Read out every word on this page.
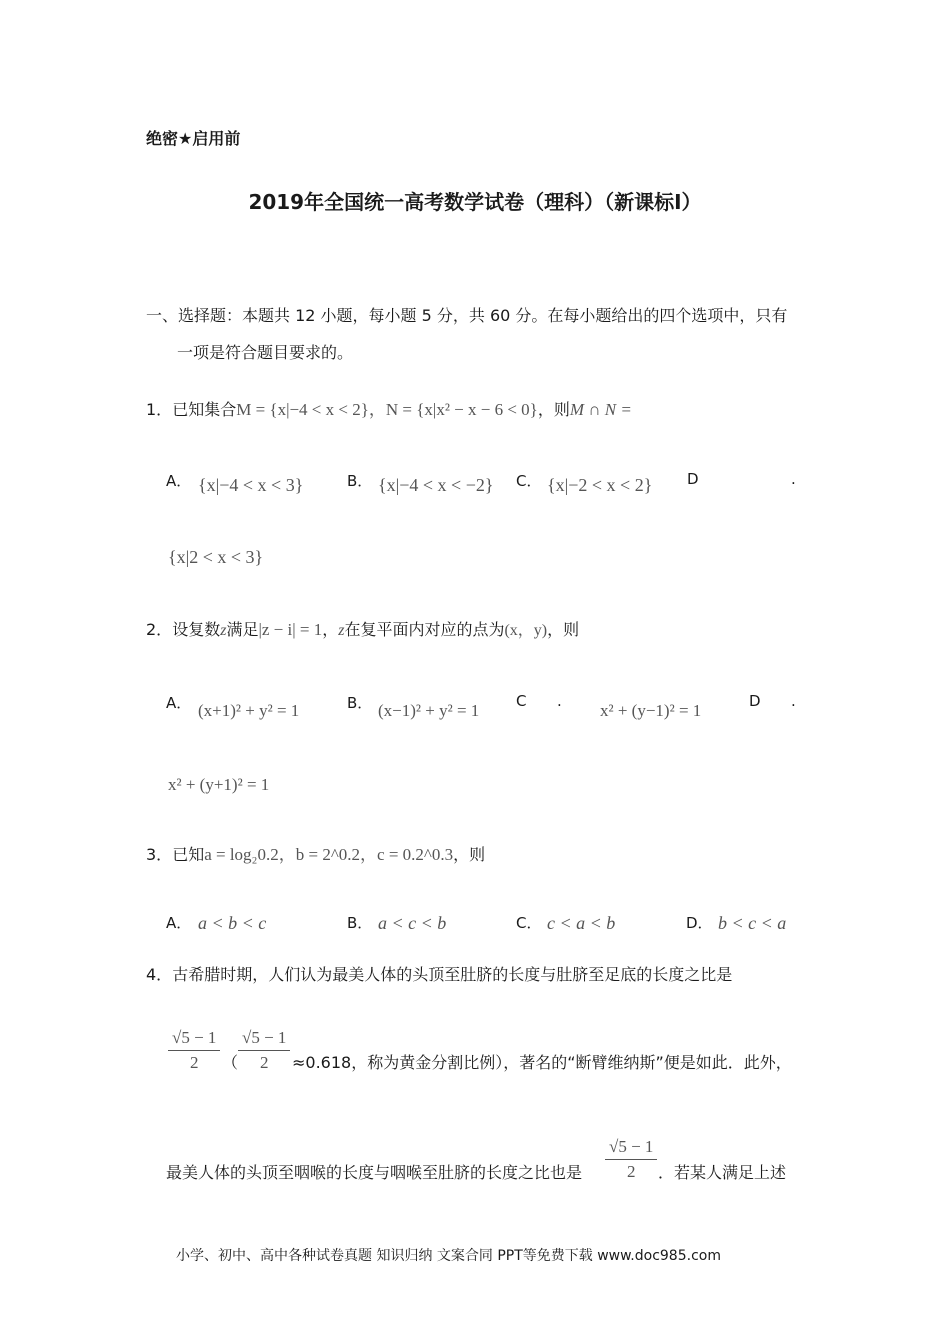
绝密★启用前
2019年全国统一高考数学试卷（理科）（新课标I）
一、选择题：本题共 12 小题，每小题 5 分，共 60 分。在每小题给出的四个选项中，只有
一项是符合题目要求的。
1．已知集合M = {x|−4 < x < 2}，N = {x|x² − x − 6 < 0}，则M ∩ N =
A． {x|−4 < x < 3}	B． {x|−4 < x < −2} C． {x|−2 < x < 2} D	.
{x|2 < x < 3}
2．设复数z满足|z − i| = 1，z在复平面内对应的点为(x，y)，则
A． (x+1)² + y² = 1	B． (x−1)² + y² = 1 C . x² + (y−1)² = 1	D .
x² + (y+1)² = 1
3．已知a = log₂0.2，b = 2^0.2，c = 0.2^0.3，则
A． a < b < c	B． a < c < b	C． c < a < b	D． b < c < a
4．古希腊时期，人们认为最美人体的头顶至肚脐的长度与肚脐至足底的长度之比是
√5 − 1
2	（
√5 − 1
2	≈0.618，称为黄金分割比例），著名的“断臂维纳斯”便是如此．此外，
最美人体的头顶至咽喉的长度与咽喉至肚脐的长度之比也是
√5 − 1
2	．若某人满足上述
小学、初中、高中各种试卷真题 知识归纳 文案合同 PPT等免费下载 www.doc985.com
